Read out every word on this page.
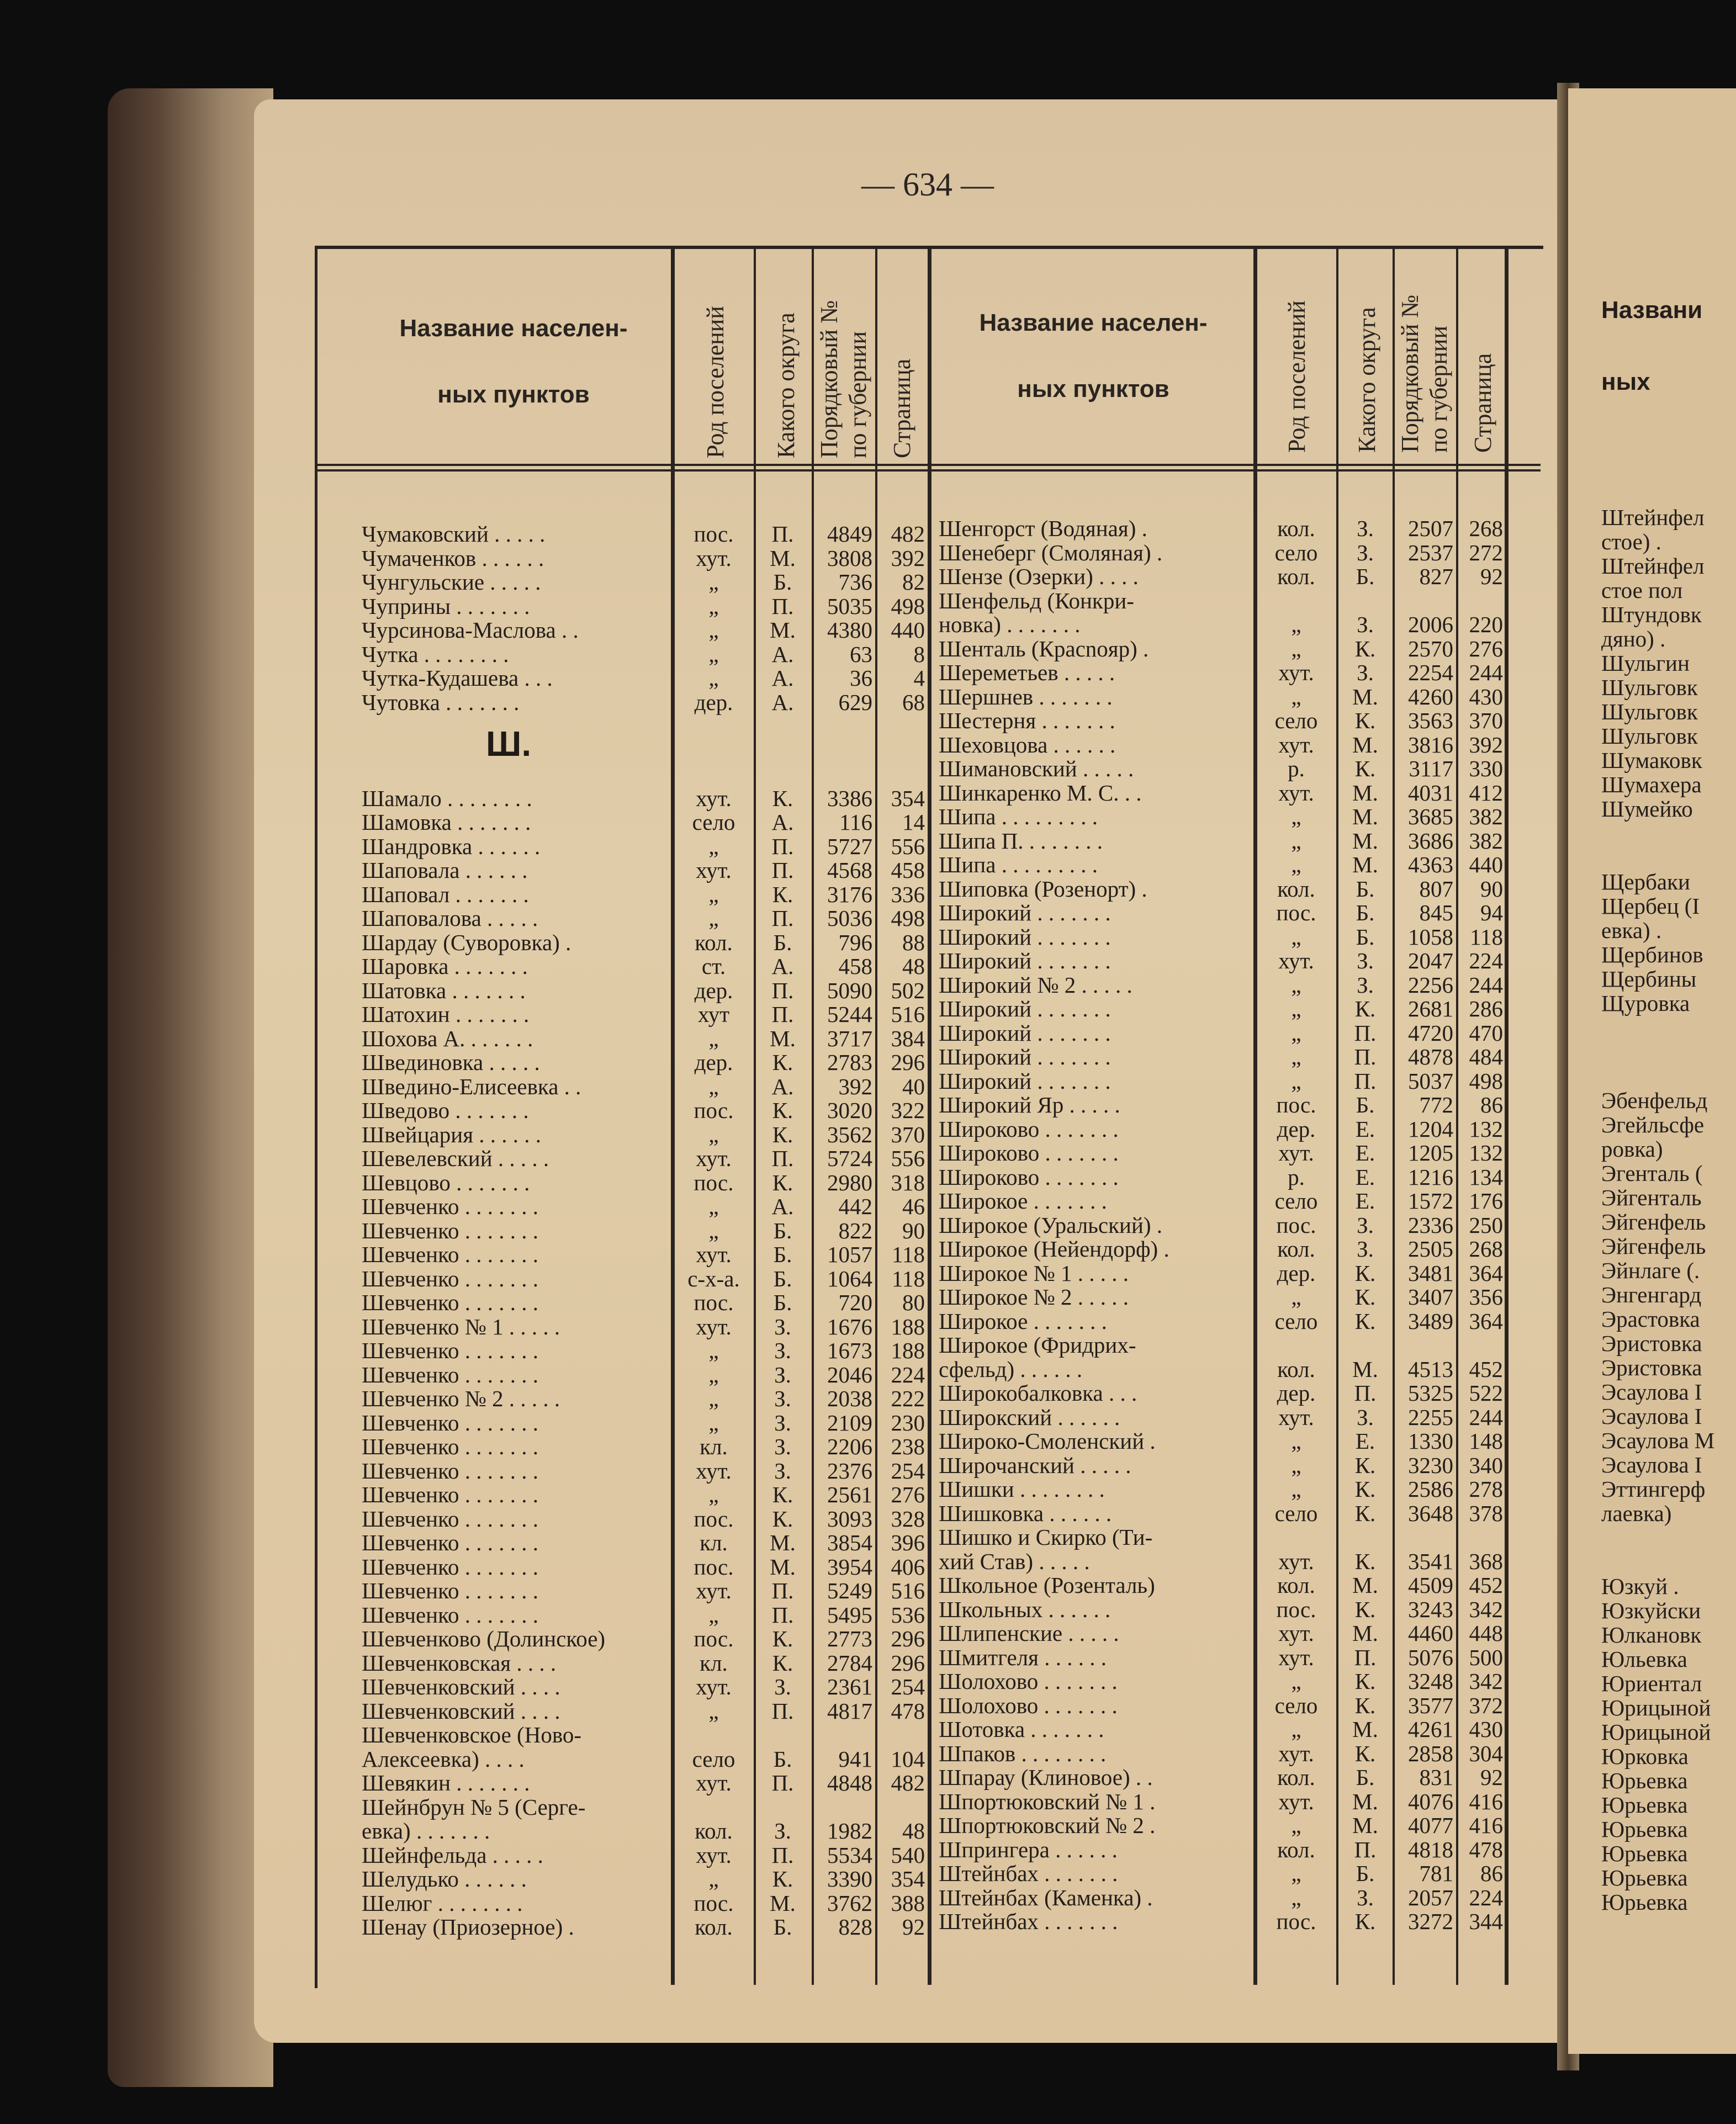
Названи
ных
Штейнфел
стое) .
Штейнфел
стое пол
Штундовк
дяно) .
Шульгин
Шульговк
Шульговк
Шульговк
Шумаковк
Шумахера
Шумейко
Щербаки
Щербец (І
евка) .
Щербинов
Щербины
Щуровка
Эбенфельд
Эгейльсфе
ровка)
Эгенталь (
Эйгенталь
Эйгенфель
Эйгенфель
Эйнлаге (.
Энгенгард
Эрастовка
Эристовка
Эристовка
Эсаулова І
Эсаулова І
Эсаулова М
Эсаулова І
Эттингерф
лаевка)
Юзкуй .
Юзкуйски
Юлкановк
Юльевка
Юриентал
Юрицыной
Юрицыной
Юрковка
Юрьевка
Юрьевка
Юрьевка
Юрьевка
Юрьевка
Юрьевка
— 634 —
Название населен-
ных пунктов	Род поселений Какого округа Порядковый № по губернии Страница
Название населен-
ных пунктов	Род поселений Какого округа Порядковый № по губернии Страница
Ш.
Чумаковский . . . . .	пос.	П.	4849 482
Чумаченков . . . . . .	хут.	М.	3808 392
Чунгульские . . . . .	„	Б.	736	82
Чуприны . . . . . . .	„	П.	5035 498
Чурсинова-Маслова . .	„	М.	4380 440
Чутка . . . . . . . .	„	А.	63	8
Чутка-Кудашева . . .	„	А.	36	4
Чутовка . . . . . . .	дер.	А.	629	68
Шамало . . . . . . . .	хут.	К.	3386 354
Шамовка . . . . . . .	село	А.	116	14
Шандровка . . . . . .	„	П.	5727 556
Шаповала . . . . . .	хут.	П.	4568 458
Шаповал . . . . . . .	„	К.	3176 336
Шаповалова . . . . .	„	П.	5036 498
Шардау (Суворовка) .	кол.	Б.	796	88
Шаровка . . . . . . .	ст.	А.	458	48
Шатовка . . . . . . .	дер.	П.	5090 502
Шатохин . . . . . . .	хут	П.	5244 516
Шохова А. . . . . . .	„	М.	3717 384
Швединовка . . . . .	дер.	К.	2783 296
Шведино-Елисеевка . .	„	А.	392	40
Шведово . . . . . . .	пос.	К.	3020 322
Швейцария . . . . . .	„	К.	3562 370
Шевелевский . . . . .	хут.	П.	5724 556
Шевцово . . . . . . .	пос.	К.	2980 318
Шевченко . . . . . . .	„	А.	442	46
Шевченко . . . . . . .	„	Б.	822	90
Шевченко . . . . . . .	хут.	Б.	1057 118
Шевченко . . . . . . .	с-х-а.	Б.	1064 118
Шевченко . . . . . . .	пос.	Б.	720	80
Шевченко № 1 . . . . .	хут.	З.	1676 188
Шевченко . . . . . . .	„	З.	1673 188
Шевченко . . . . . . .	„	З.	2046 224
Шевченко № 2 . . . . .	„	З.	2038 222
Шевченко . . . . . . .	„	З.	2109 230
Шевченко . . . . . . .	кл.	З.	2206 238
Шевченко . . . . . . .	хут.	З.	2376 254
Шевченко . . . . . . .	„	К.	2561 276
Шевченко . . . . . . .	пос.	К.	3093 328
Шевченко . . . . . . .	кл.	М.	3854 396
Шевченко . . . . . . .	пос.	М.	3954 406
Шевченко . . . . . . .	хут.	П.	5249 516
Шевченко . . . . . . .	„	П.	5495 536
Шевченково (Долинское)	пос.	К.	2773 296
Шевченковская . . . .	кл.	К.	2784 296
Шевченковский . . . .	хут.	З.	2361 254
Шевченковский . . . .	„	П.	4817 478
Шевченковское (Ново-
Алексеевка) . . . .	село	Б.	941 104
Шевякин . . . . . . .	хут.	П.	4848 482
Шейнбрун № 5 (Серге-
евка) . . . . . . .	кол.	З.	1982	48
Шейнфельда . . . . .	хут.	П.	5534 540
Шелудько . . . . . .	„	К.	3390 354
Шелюг . . . . . . . .	пос.	М.	3762 388
Шенау (Приозерное) .	кол.	Б.	828	92
Шенгорст (Водяная) .	кол.	З.	2507 268
Шенеберг (Смоляная) .	село	З.	2537 272
Шензе (Озерки) . . . .	кол.	Б.	827	92
Шенфельд (Конкри-
новка) . . . . . . .	„	З.	2006 220
Шенталь (Красnoяр) .	„	К.	2570 276
Шереметьев . . . . .	хут.	З.	2254 244
Шершнев . . . . . . .	„	М.	4260 430
Шестерня . . . . . . .	село	К.	3563 370
Шеховцова . . . . . .	хут.	М.	3816 392
Шимановский . . . . .	р.	К.	3117 330
Шинкаренко М. С. . .	хут.	М.	4031 412
Шипа . . . . . . . . .	„	М.	3685 382
Шипа П. . . . . . . .	„	М.	3686 382
Шипа . . . . . . . . .	„	М.	4363 440
Шиповка (Розенорт) .	кол.	Б.	807	90
Широкий . . . . . . .	пос.	Б.	845	94
Широкий . . . . . . .	„	Б.	1058 118
Широкий . . . . . . .	хут.	З.	2047 224
Широкий № 2 . . . . .	„	З.	2256 244
Широкий . . . . . . .	„	К.	2681 286
Широкий . . . . . . .	„	П.	4720 470
Широкий . . . . . . .	„	П.	4878 484
Широкий . . . . . . .	„	П.	5037 498
Широкий Яр . . . . .	пос.	Б.	772	86
Широково . . . . . . .	дер.	Е.	1204 132
Широково . . . . . . .	хут.	Е.	1205 132
Широково . . . . . . .	р.	Е.	1216 134
Широкое . . . . . . .	село	Е.	1572 176
Широкое (Уральский) .	пос.	З.	2336 250
Широкое (Нейендорф) .	кол.	З.	2505 268
Широкое № 1 . . . . .	дер.	К.	3481 364
Широкое № 2 . . . . .	„	К.	3407 356
Широкое . . . . . . .	село	К.	3489 364
Широкое (Фридрих-
сфельд) . . . . . .	кол.	М.	4513 452
Широкобалковка . . .	дер.	П.	5325 522
Широкский . . . . . .	хут.	З.	2255 244
Широко-Смоленский .	„	Е.	1330 148
Широчанский . . . . .	„	К.	3230 340
Шишки . . . . . . . .	„	К.	2586 278
Шишковка . . . . . .	село	К.	3648 378
Шишко и Скирко (Ти-
хий Став) . . . . .	хут.	К.	3541 368
Школьное (Розенталь)	кол.	М.	4509 452
Школьных . . . . . .	пос.	К.	3243 342
Шлипенские . . . . .	хут.	М.	4460 448
Шмитгеля . . . . . .	хут.	П.	5076 500
Шолохово . . . . . . .	„	К.	3248 342
Шолохово . . . . . . .	село	К.	3577 372
Шотовка . . . . . . .	„	М.	4261 430
Шпаков . . . . . . . .	хут.	К.	2858 304
Шпарау (Клиновое) . .	кол.	Б.	831	92
Шпортюковский № 1 .	хут.	М.	4076 416
Шпортюковский № 2 .	„	М.	4077 416
Шпрингера . . . . . .	кол.	П.	4818 478
Штейнбах . . . . . . .	„	Б.	781	86
Штейнбах (Каменка) .	„	З.	2057 224
Штейнбах . . . . . . .	пос.	К.	3272 344
